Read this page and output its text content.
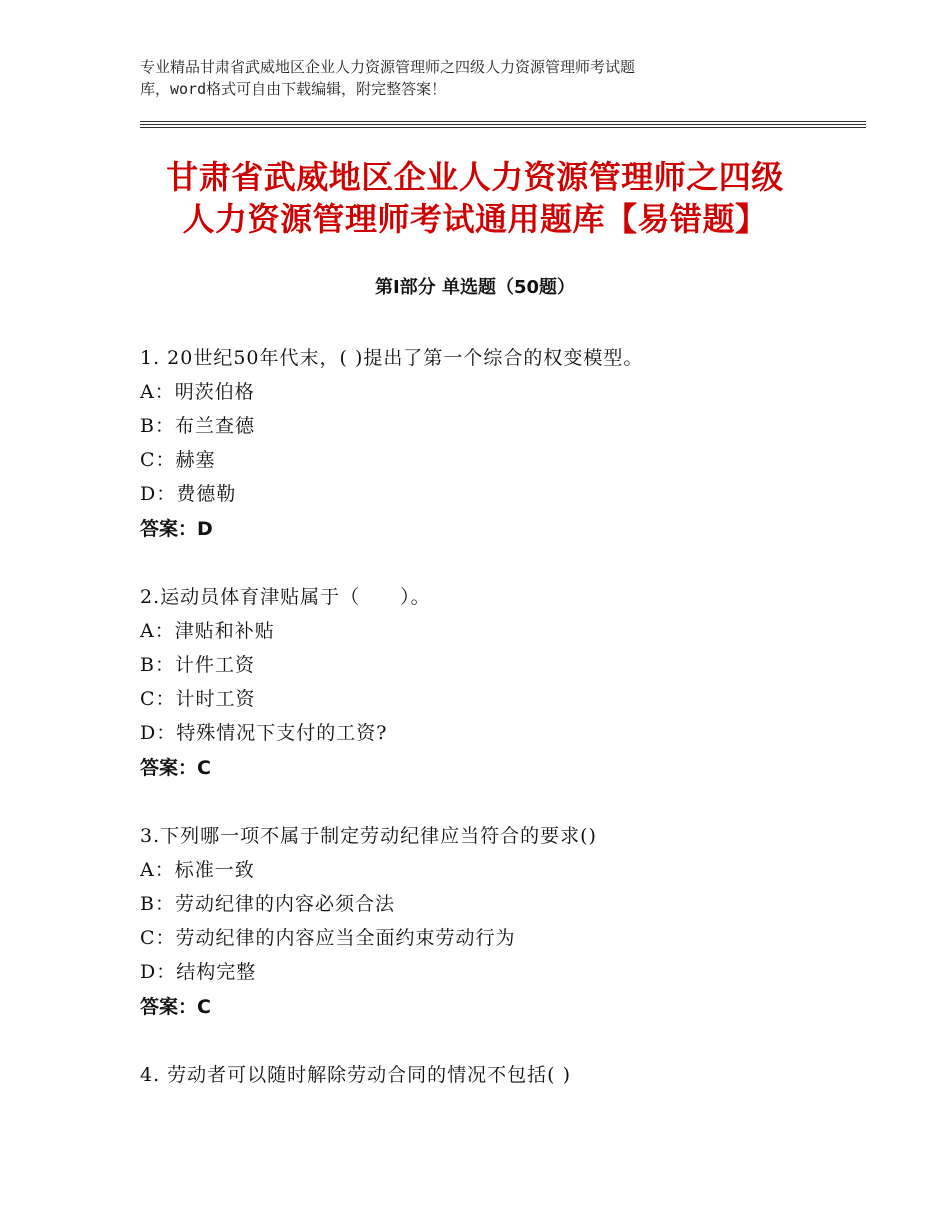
专业精品甘肃省武威地区企业人力资源管理师之四级人力资源管理师考试题
库，word格式可自由下载编辑，附完整答案！
甘肃省武威地区企业人力资源管理师之四级
人力资源管理师考试通用题库【易错题】
第Ⅰ部分 单选题（50题）
1. 20世纪50年代末，( )提出了第一个综合的权变模型。
A：明茨伯格
B：布兰查德
C：赫塞
D：费德勒
答案：D
2.运动员体育津贴属于（　　）。
A：津贴和补贴
B：计件工资
C：计时工资
D：特殊情况下支付的工资?
答案：C
3.下列哪一项不属于制定劳动纪律应当符合的要求()
A：标准一致
B：劳动纪律的内容必须合法
C：劳动纪律的内容应当全面约束劳动行为
D：结构完整
答案：C
4. 劳动者可以随时解除劳动合同的情况不包括( )
